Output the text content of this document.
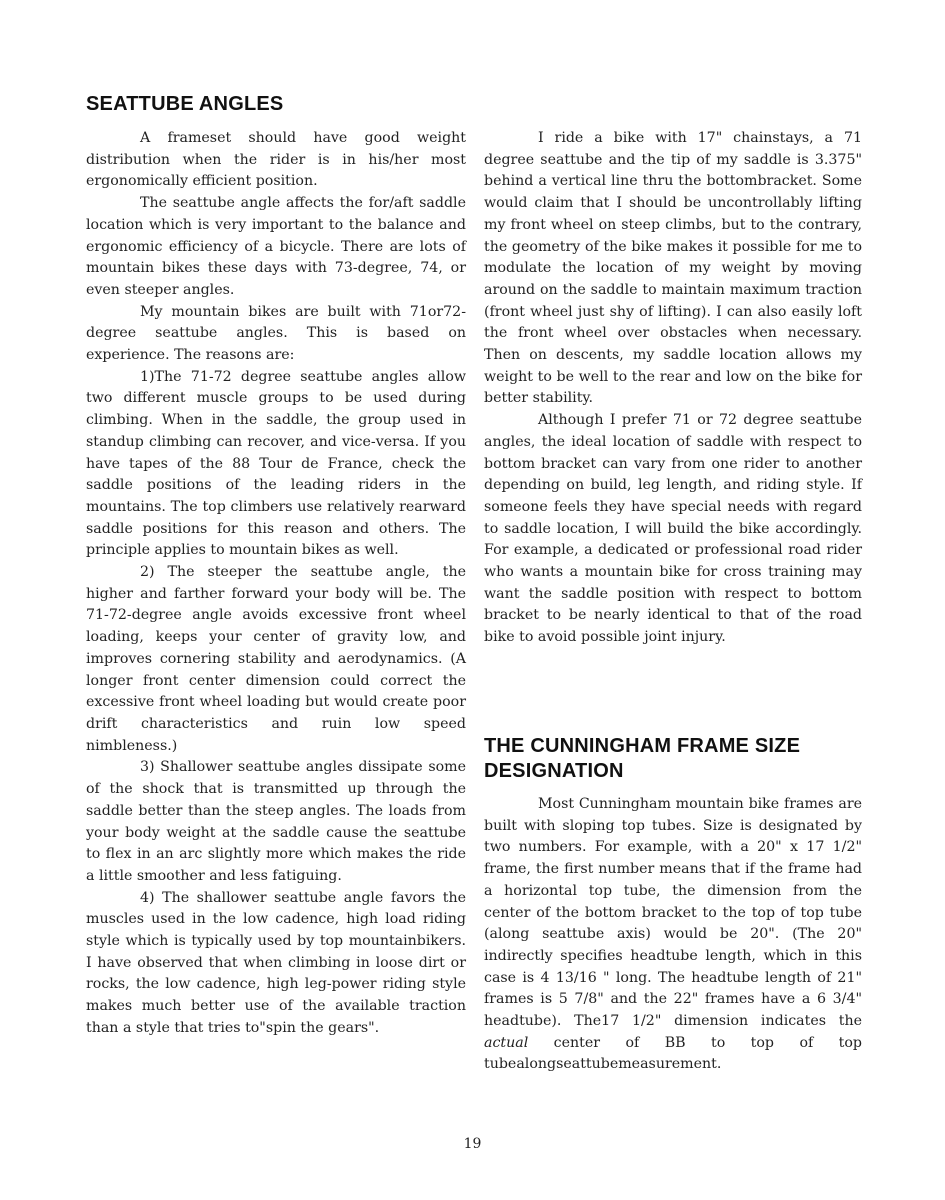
SEATTUBE ANGLES

A frameset should have good weight distribution when the rider is in his/her most ergonomically efficient position.

The seattube angle affects the for/aft saddle location which is very important to the balance and ergonomic efficiency of a bicycle. There are lots of mountain bikes these days with 73-degree, 74, or even steeper angles.

My mountain bikes are built with 71or72-degree seattube angles. This is based on experience. The reasons are:

1)The 71-72 degree seattube angles allow two different muscle groups to be used during climbing. When in the saddle, the group used in standup climbing can recover, and vice-versa. If you have tapes of the 88 Tour de France, check the saddle positions of the leading riders in the mountains. The top climbers use relatively rearward saddle positions for this reason and others. The principle applies to mountain bikes as well.

2) The steeper the seattube angle, the higher and farther forward your body will be. The 71-72-degree angle avoids excessive front wheel loading, keeps your center of gravity low, and improves cornering stability and aerodynamics. (A longer front center dimension could correct the excessive front wheel loading but would create poor drift characteristics and ruin low speed nimbleness.)

3) Shallower seattube angles dissipate some of the shock that is transmitted up through the saddle better than the steep angles. The loads from your body weight at the saddle cause the seattube to flex in an arc slightly more which makes the ride a little smoother and less fatiguing.

4) The shallower seattube angle favors the muscles used in the low cadence, high load riding style which is typically used by top mountainbikers. I have observed that when climbing in loose dirt or rocks, the low cadence, high leg-power riding style makes much better use of the available traction than a style that tries to"spin the gears".

I ride a bike with 17" chainstays, a 71 degree seattube and the tip of my saddle is 3.375" behind a vertical line thru the bottombracket. Some would claim that I should be uncontrollably lifting my front wheel on steep climbs, but to the contrary, the geometry of the bike makes it possible for me to modulate the location of my weight by moving around on the saddle to maintain maximum traction (front wheel just shy of lifting). I can also easily loft the front wheel over obstacles when necessary. Then on descents, my saddle location allows my weight to be well to the rear and low on the bike for better stability.

Although I prefer 71 or 72 degree seattube angles, the ideal location of saddle with respect to bottom bracket can vary from one rider to another depending on build, leg length, and riding style. If someone feels they have special needs with regard to saddle location, I will build the bike accordingly. For example, a dedicated or professional road rider who wants a mountain bike for cross training may want the saddle position with respect to bottom bracket to be nearly identical to that of the road bike to avoid possible joint injury.

THE CUNNINGHAM FRAME SIZE DESIGNATION

Most Cunningham mountain bike frames are built with sloping top tubes. Size is designated by two numbers. For example, with a 20" x 17 1/2" frame, the first number means that if the frame had a horizontal top tube, the dimension from the center of the bottom bracket to the top of top tube (along seattube axis) would be 20". (The 20" indirectly specifies headtube length, which in this case is 4 13/16 " long. The headtube length of 21" frames is 5 7/8" and the 22" frames have a 6 3/4" headtube). The17 1/2" dimension indicates the actual center of BB to top of top tubealongseattubemeasurement.

19
